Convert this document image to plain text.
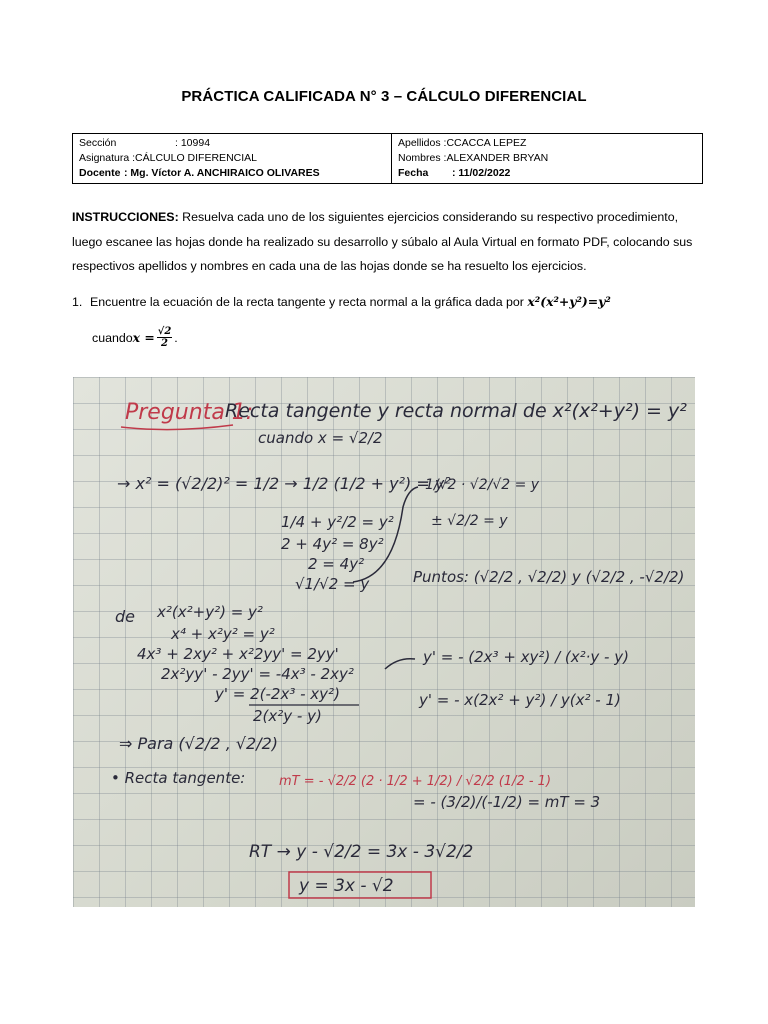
PRÁCTICA CALIFICADA N° 3 – CÁLCULO DIFERENCIAL
Sección	: 10994
Asignatura : CÁLCULO DIFERENCIAL
Docente : Mg. Víctor A. ANCHIRAICO OLIVARES

Apellidos : CCACCA LEPEZ
Nombres : ALEXANDER BRYAN
Fecha	: 11/02/2022
INSTRUCCIONES: Resuelva cada uno de los siguientes ejercicios considerando su respectivo procedimiento, luego escanee las hojas donde ha realizado su desarrollo y súbalo al Aula Virtual en formato PDF, colocando sus respectivos apellidos y nombres en cada una de las hojas donde se ha resuelto los ejercicios.
1. Encuentre la ecuación de la recta tangente y recta normal a la gráfica dada por x²(x²+y²)=y²
cuando $x = \frac{√2}{2}$ .
Pregunta 1:
Recta tangente y recta normal de x²(x²+y²) = y²
cuando x = √2/2
→ x² = (√2/2)² = 1/2 → 1/2 (1/2 + y²) = y²
1/4 + y²/2 = y²
2 + 4y² = 8y²
2 = 4y²
√1/√2 = y
1/√2 · √2/√2 = y
± √2/2 = y
Puntos: (√2/2 , √2/2) y (√2/2 , -√2/2)
de x²(x²+y²) = y²
x⁴ + x²y² = y²
4x³ + 2xy² + x²2yy' = 2yy'
2x²yy' - 2yy' = -4x³ - 2xy²
y' = 2(-2x³ - xy²)
2(x²y - y)
y' = - (2x³ + xy²) / (x²·y - y)
y' = - x(2x² + y²) / y(x² - 1)
⇒ Para (√2/2 , √2/2)
• Recta tangente:	mT = - √2/2 (2 · 1/2 + 1/2) / √2/2 (1/2 - 1)
= - (3/2)/(-1/2) = mT = 3
RT → y - √2/2 = 3x - 3√2/2
y = 3x - √2
